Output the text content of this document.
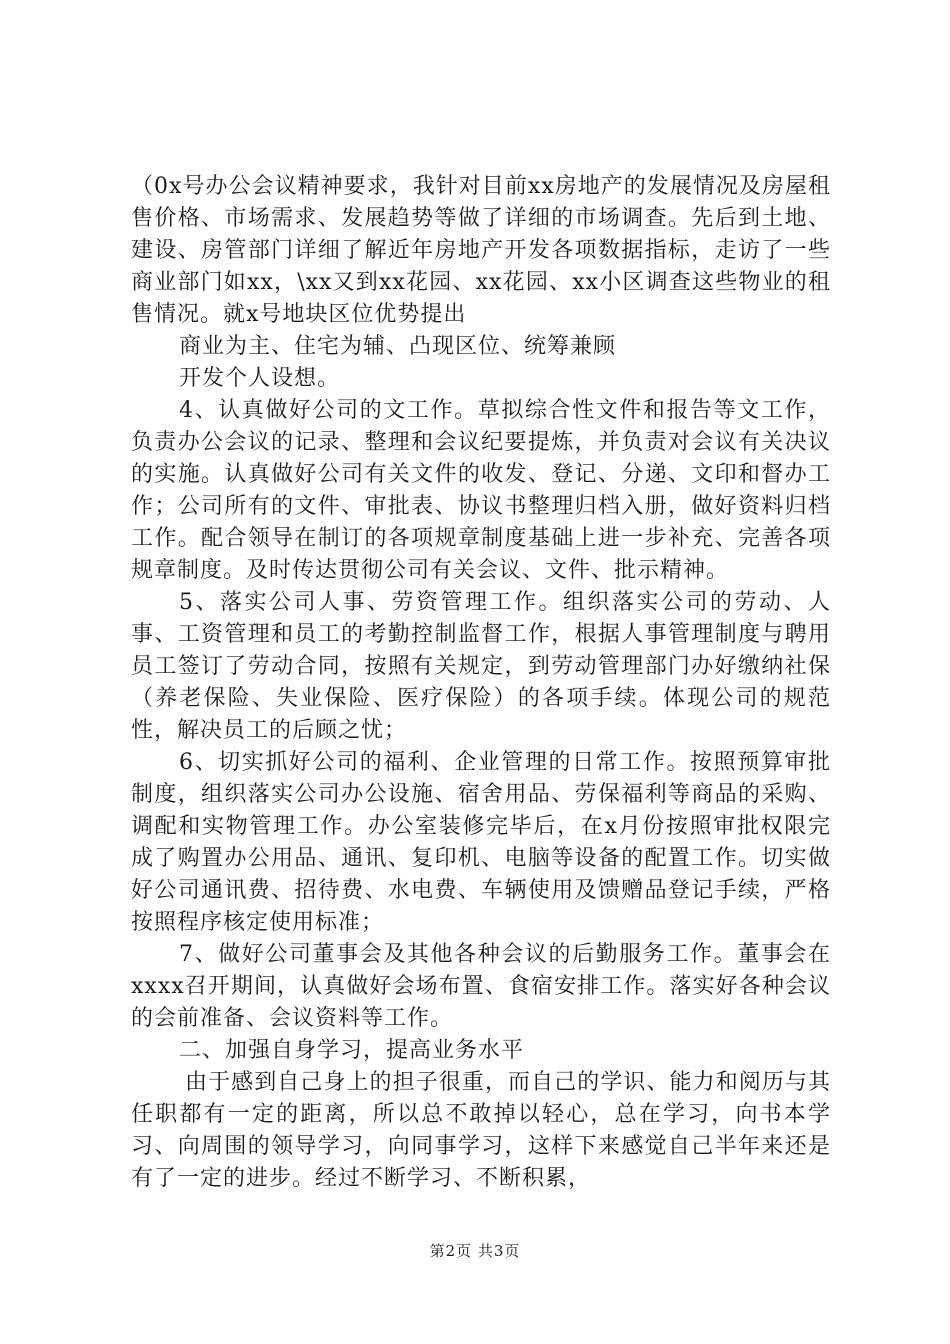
（0x号办公会议精神要求，我针对目前xx房地产的发展情况及房屋租售价格、市场需求、发展趋势等做了详细的市场调查。先后到土地、建设、房管部门详细了解近年房地产开发各项数据指标，走访了一些商业部门如xx，\xx又到xx花园、xx花园、xx小区调查这些物业的租售情况。就x号地块区位优势提出

商业为主、住宅为辅、凸现区位、统筹兼顾

开发个人设想。

4、认真做好公司的文工作。草拟综合性文件和报告等文工作，负责办公会议的记录、整理和会议纪要提炼，并负责对会议有关决议的实施。认真做好公司有关文件的收发、登记、分递、文印和督办工作；公司所有的文件、审批表、协议书整理归档入册，做好资料归档工作。配合领导在制订的各项规章制度基础上进一步补充、完善各项规章制度。及时传达贯彻公司有关会议、文件、批示精神。

5、落实公司人事、劳资管理工作。组织落实公司的劳动、人事、工资管理和员工的考勤控制监督工作，根据人事管理制度与聘用员工签订了劳动合同，按照有关规定，到劳动管理部门办好缴纳社保（养老保险、失业保险、医疗保险）的各项手续。体现公司的规范性，解决员工的后顾之忧；

6、切实抓好公司的福利、企业管理的日常工作。按照预算审批制度，组织落实公司办公设施、宿舍用品、劳保福利等商品的采购、调配和实物管理工作。办公室装修完毕后，在x月份按照审批权限完成了购置办公用品、通讯、复印机、电脑等设备的配置工作。切实做好公司通讯费、招待费、水电费、车辆使用及馈赠品登记手续，严格按照程序核定使用标准；

7、做好公司董事会及其他各种会议的后勤服务工作。董事会在xxxx召开期间，认真做好会场布置、食宿安排工作。落实好各种会议的会前准备、会议资料等工作。

二、加强自身学习，提高业务水平

由于感到自己身上的担子很重，而自己的学识、能力和阅历与其任职都有一定的距离，所以总不敢掉以轻心，总在学习，向书本学习、向周围的领导学习，向同事学习，这样下来感觉自己半年来还是有了一定的进步。经过不断学习、不断积累，

第2页 共3页
